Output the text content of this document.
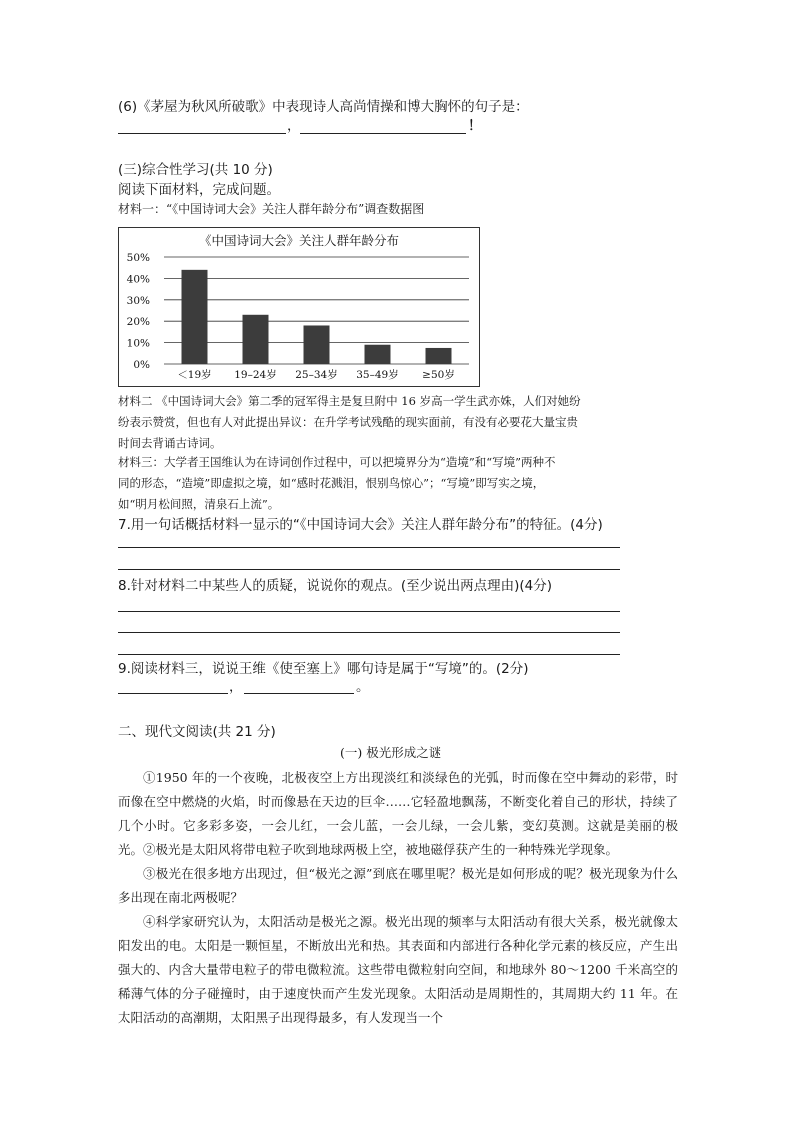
(6)《茅屋为秋风所破歌》中表现诗人高尚情操和博大胸怀的句子是：
，	！
(三)综合性学习(共 10 分)
阅读下面材料，完成问题。
材料一：“《中国诗词大会》关注人群年龄分布”调查数据图
《中国诗词大会》关注人群年龄分布
0%
10%
20%
30%
40%
50%
＜19岁 19–24岁 25–34岁 35–49岁 ≥50岁
材料二 《中国诗词大会》第二季的冠军得主是复旦附中 16 岁高一学生武亦姝，人们对她纷
纷表示赞赏，但也有人对此提出异议：在升学考试残酷的现实面前，有没有必要花大量宝贵
时间去背诵古诗词。
材料三：大学者王国维认为在诗词创作过程中，可以把境界分为“造境”和“写境”两种不
同的形态，“造境”即虚拟之境，如“感时花溅泪，恨别鸟惊心”；“写境”即写实之境，
如“明月松间照，清泉石上流”。
7.用一句话概括材料一显示的“《中国诗词大会》关注人群年龄分布”的特征。(4分)
8.针对材料二中某些人的质疑，说说你的观点。(至少说出两点理由)(4分)
9.阅读材料三，说说王维《使至塞上》哪句诗是属于“写境”的。(2分)
，	。
二、现代文阅读(共 21 分)
(一) 极光形成之谜
①1950 年的一个夜晚，北极夜空上方出现淡红和淡绿色的光弧，时而像在空中舞动的彩带，时而像在空中燃烧的火焰，时而像悬在天边的巨伞……它轻盈地飘荡，不断变化着自己的形状，持续了几个小时。它多彩多姿，一会儿红，一会儿蓝，一会儿绿，一会儿紫，变幻莫测。这就是美丽的极光。 ②极光是太阳风将带电粒子吹到地球两极上空，被地磁俘获产生的一种特殊光学现象。
③极光在很多地方出现过，但“极光之源”到底在哪里呢？极光是如何形成的呢？极光现象为什么多出现在南北两极呢？
④科学家研究认为，太阳活动是极光之源。极光出现的频率与太阳活动有很大关系，极光就像太阳发出的电。太阳是一颗恒星，不断放出光和热。其表面和内部进行各种化学元素的核反应，产生出强大的、内含大量带电粒子的带电微粒流。这些带电微粒射向空间，和地球外 80～1200 千米高空的稀薄气体的分子碰撞时，由于速度快而产生发光现象。太阳活动是周期性的，其周期大约 11 年。在太阳活动的高潮期，太阳黑子出现得最多，有人发现当一个
